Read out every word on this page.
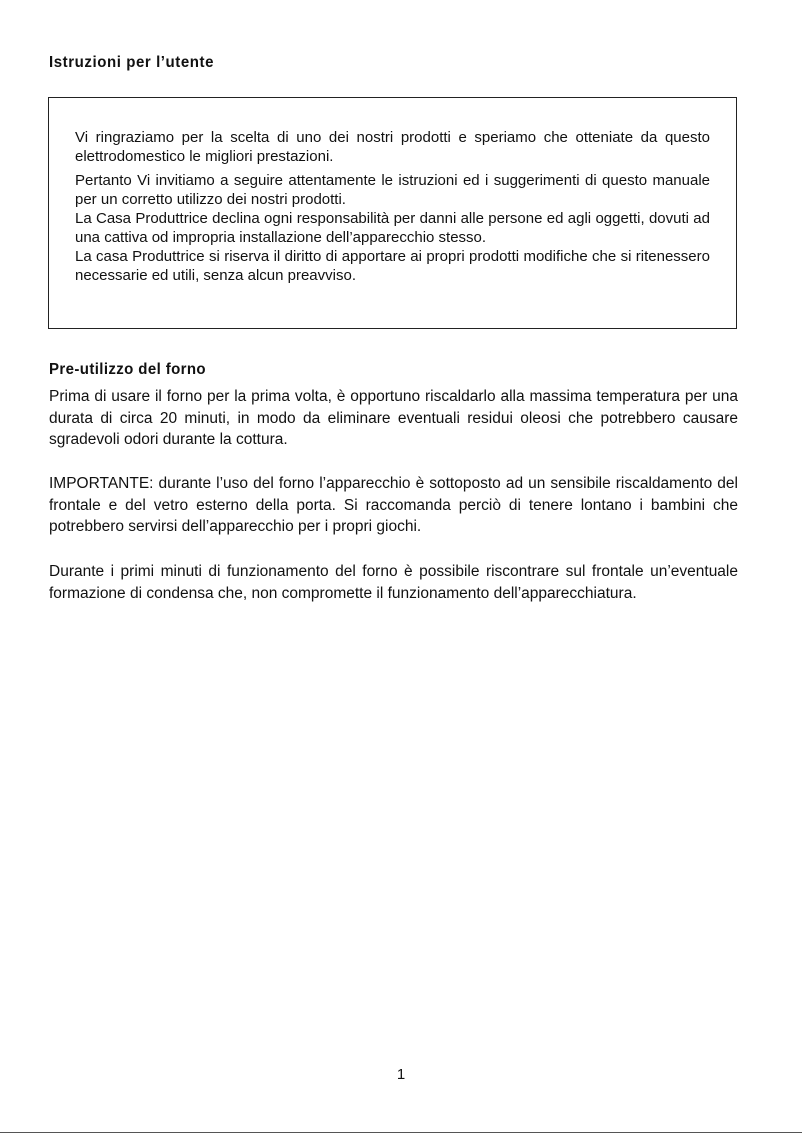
Istruzioni per l’utente

Vi ringraziamo per la scelta di uno dei nostri prodotti e speriamo che otteniate da questo elettrodomestico le migliori prestazioni.

Pertanto Vi invitiamo a seguire attentamente le istruzioni ed i suggerimenti di questo manuale per un corretto utilizzo dei nostri prodotti.

La Casa Produttrice declina ogni responsabilità per danni alle persone ed agli oggetti, dovuti ad una cattiva od impropria installazione dell’apparecchio stesso.

La casa Produttrice si riserva il diritto di apportare ai propri prodotti modifiche che si ritenessero necessarie ed utili, senza alcun preavviso.

Pre-utilizzo del forno

Prima di usare il forno per la prima volta, è opportuno riscaldarlo alla massima temperatura per una durata di circa 20 minuti, in modo da eliminare eventuali residui oleosi che potrebbero causare sgradevoli odori durante la cottura.

IMPORTANTE: durante l’uso del forno l’apparecchio è sottoposto ad un sensibile riscaldamento del frontale e del vetro esterno della porta. Si raccomanda perciò di tenere lontano i bambini che potrebbero servirsi dell’apparecchio per i propri giochi.

Durante i primi minuti di funzionamento del forno è possibile riscontrare sul frontale un’eventuale formazione di condensa che, non compromette il funzionamento dell’apparecchiatura.

1
